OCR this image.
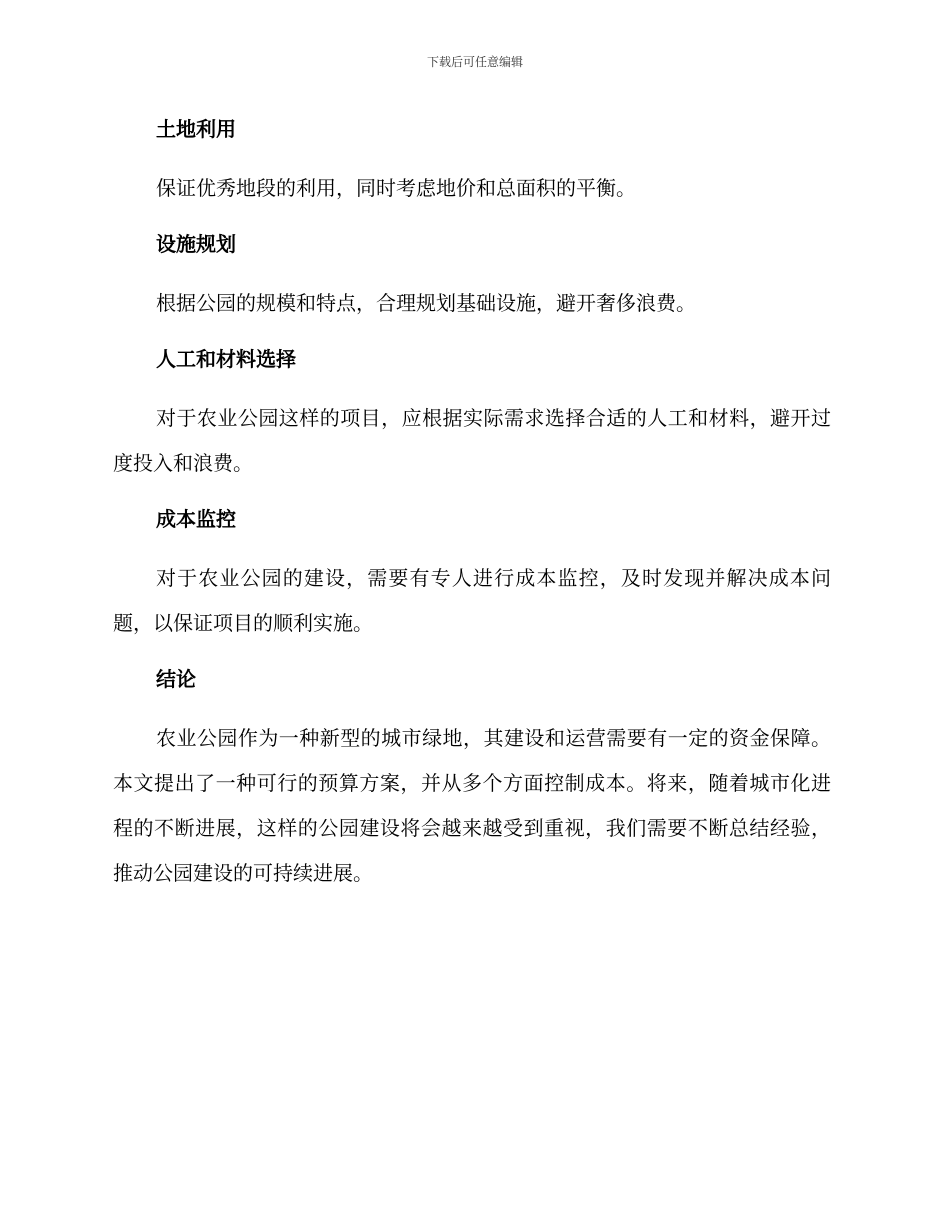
下载后可任意编辑
土地利用

保证优秀地段的利用，同时考虑地价和总面积的平衡。

设施规划

根据公园的规模和特点，合理规划基础设施，避开奢侈浪费。

人工和材料选择

对于农业公园这样的项目，应根据实际需求选择合适的人工和材料，避开过度投入和浪费。

成本监控

对于农业公园的建设，需要有专人进行成本监控，及时发现并解决成本问题，以保证项目的顺利实施。

结论

农业公园作为一种新型的城市绿地，其建设和运营需要有一定的资金保障。本文提出了一种可行的预算方案，并从多个方面控制成本。将来，随着城市化进程的不断进展，这样的公园建设将会越来越受到重视，我们需要不断总结经验，推动公园建设的可持续进展。
